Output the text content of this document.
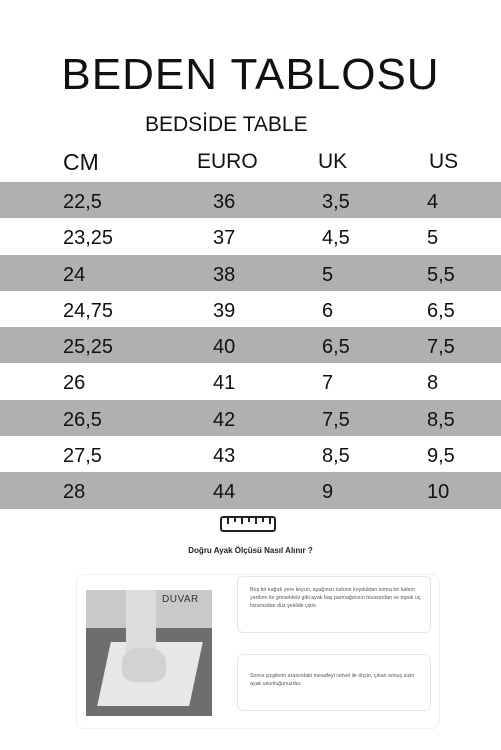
BEDEN TABLOSU
BEDSİDE TABLE
CM	EURO	UK	US
22,5	36	3,5	4
23,25	37	4,5	5
24	38	5	5,5
24,75	39	6	6,5
25,25	40	6,5	7,5
26	41	7	8
26,5	42	7,5	8,5
27,5	43	8,5	9,5
28	44	9	10
Doğru Ayak Ölçüsü Nasıl Alınır ?
DUVAR
Boş bir kağıdı yere koyun, ayağınızı üstüne koyduktan sonra bir kalem yardımı ile görseldeki gibi ayak baş parmağınızın hizasından ve topuk uç hizanızdan düz şekilde çizin.
Sonra çizgilerin arasındaki mesafeyi cetvel ile ölçün, çıkan sonuç sizin ayak uzunluğunuzdur.
